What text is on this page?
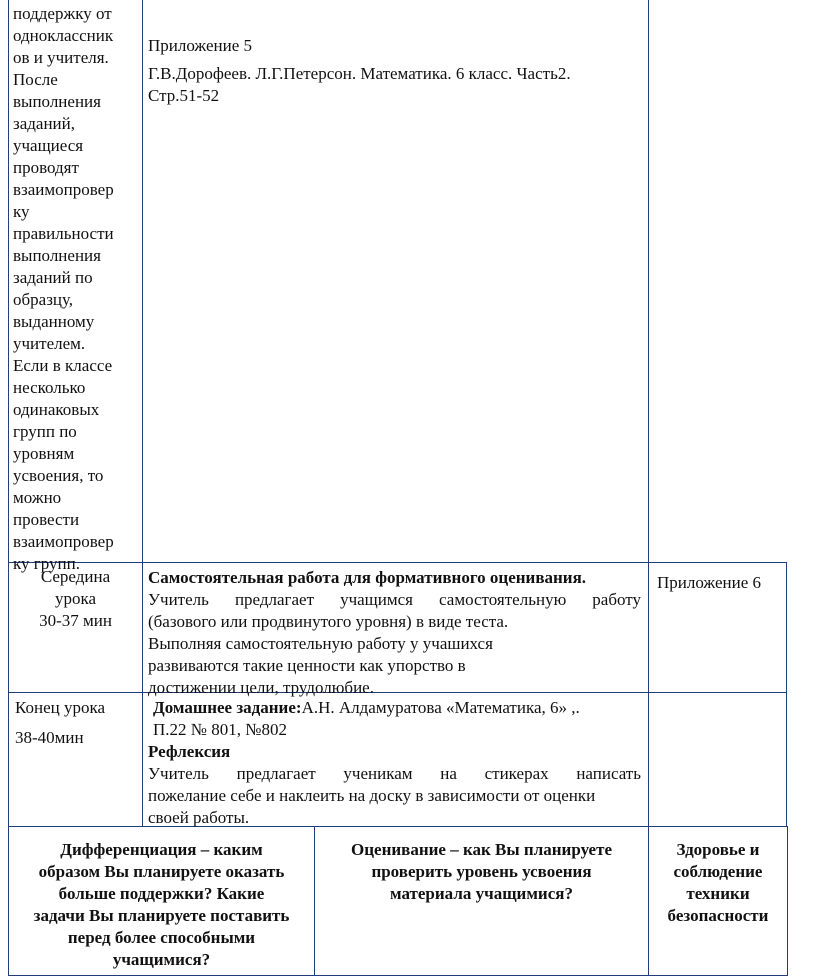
поддержку от

одноклассник

ов и учителя.

После

выполнения

заданий,

учащиеся

проводят

взаимопровер

ку

правильности

выполнения

заданий по

образцу,

выданному

учителем.

Если в классе

несколько

одинаковых

групп по

уровням

усвоения, то

можно

провести

взаимопровер

ку групп.

Приложение 5

Г.В.Дорофеев. Л.Г.Петерсон. Математика. 6 класс. Часть2.

Стр.51-52

Середина

урока

30-37 мин

Самостоятельная работа для формативного оценивания.

Учитель предлагает учащимся самостоятельную работу

(базового или продвинутого уровня) в виде теста.

Выполняя самостоятельную работу у учашихся

развиваются такие ценности как упорство в

достижении цели, трудолюбие.

Приложение 6

Конец урока

38-40мин

Домашнее задание:А.Н. Алдамуратова «Математика, 6» ,.

П.22 № 801, №802

Рефлексия

Учитель предлагает ученикам на стикерах написать

пожелание себе и наклеить на доску в зависимости от оценки

своей работы.

Дифференциация – каким

образом Вы планируете оказать

больше поддержки? Какие

задачи Вы планируете поставить

перед более способными

учащимися?

Оценивание – как Вы планируете

проверить уровень усвоения

материала учащимися?

Здоровье и

соблюдение

техники

безопасности
